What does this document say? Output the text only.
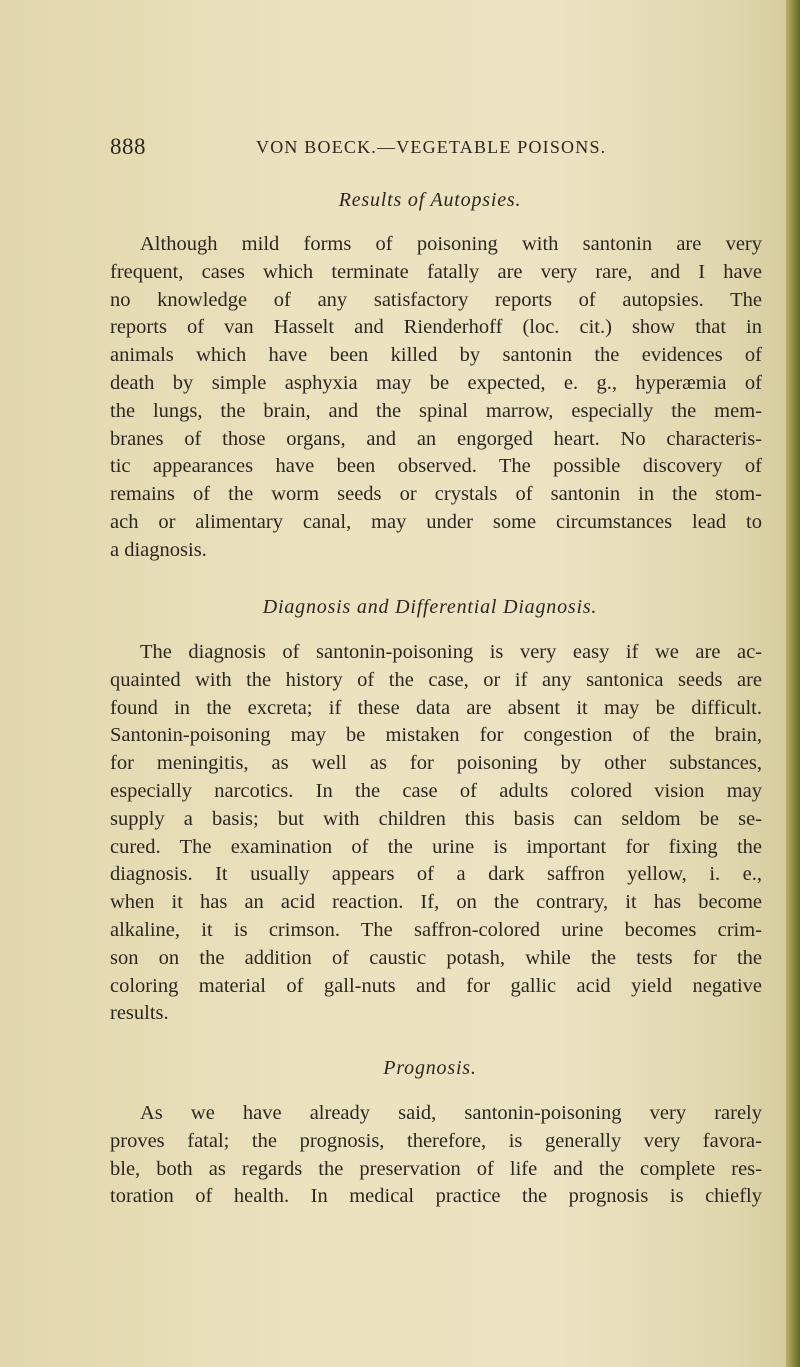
888	VON BOECK.—VEGETABLE POISONS.
Results of Autopsies.
Although mild forms of poisoning with santonin are very
frequent, cases which terminate fatally are very rare, and I have
no knowledge of any satisfactory reports of autopsies. The
reports of van Hasselt and Rienderhoff (loc. cit.) show that in
animals which have been killed by santonin the evidences of
death by simple asphyxia may be expected, e. g., hyperæmia of
the lungs, the brain, and the spinal marrow, especially the mem-
branes of those organs, and an engorged heart. No characteris-
tic appearances have been observed. The possible discovery of
remains of the worm seeds or crystals of santonin in the stom-
ach or alimentary canal, may under some circumstances lead to
a diagnosis.
Diagnosis and Differential Diagnosis.
The diagnosis of santonin-poisoning is very easy if we are ac-
quainted with the history of the case, or if any santonica seeds are
found in the excreta; if these data are absent it may be difficult.
Santonin-poisoning may be mistaken for congestion of the brain,
for meningitis, as well as for poisoning by other substances,
especially narcotics. In the case of adults colored vision may
supply a basis; but with children this basis can seldom be se-
cured. The examination of the urine is important for fixing the
diagnosis. It usually appears of a dark saffron yellow, i. e.,
when it has an acid reaction. If, on the contrary, it has become
alkaline, it is crimson. The saffron-colored urine becomes crim-
son on the addition of caustic potash, while the tests for the
coloring material of gall-nuts and for gallic acid yield negative
results.
Prognosis.
As we have already said, santonin-poisoning very rarely
proves fatal; the prognosis, therefore, is generally very favora-
ble, both as regards the preservation of life and the complete res-
toration of health. In medical practice the prognosis is chiefly
